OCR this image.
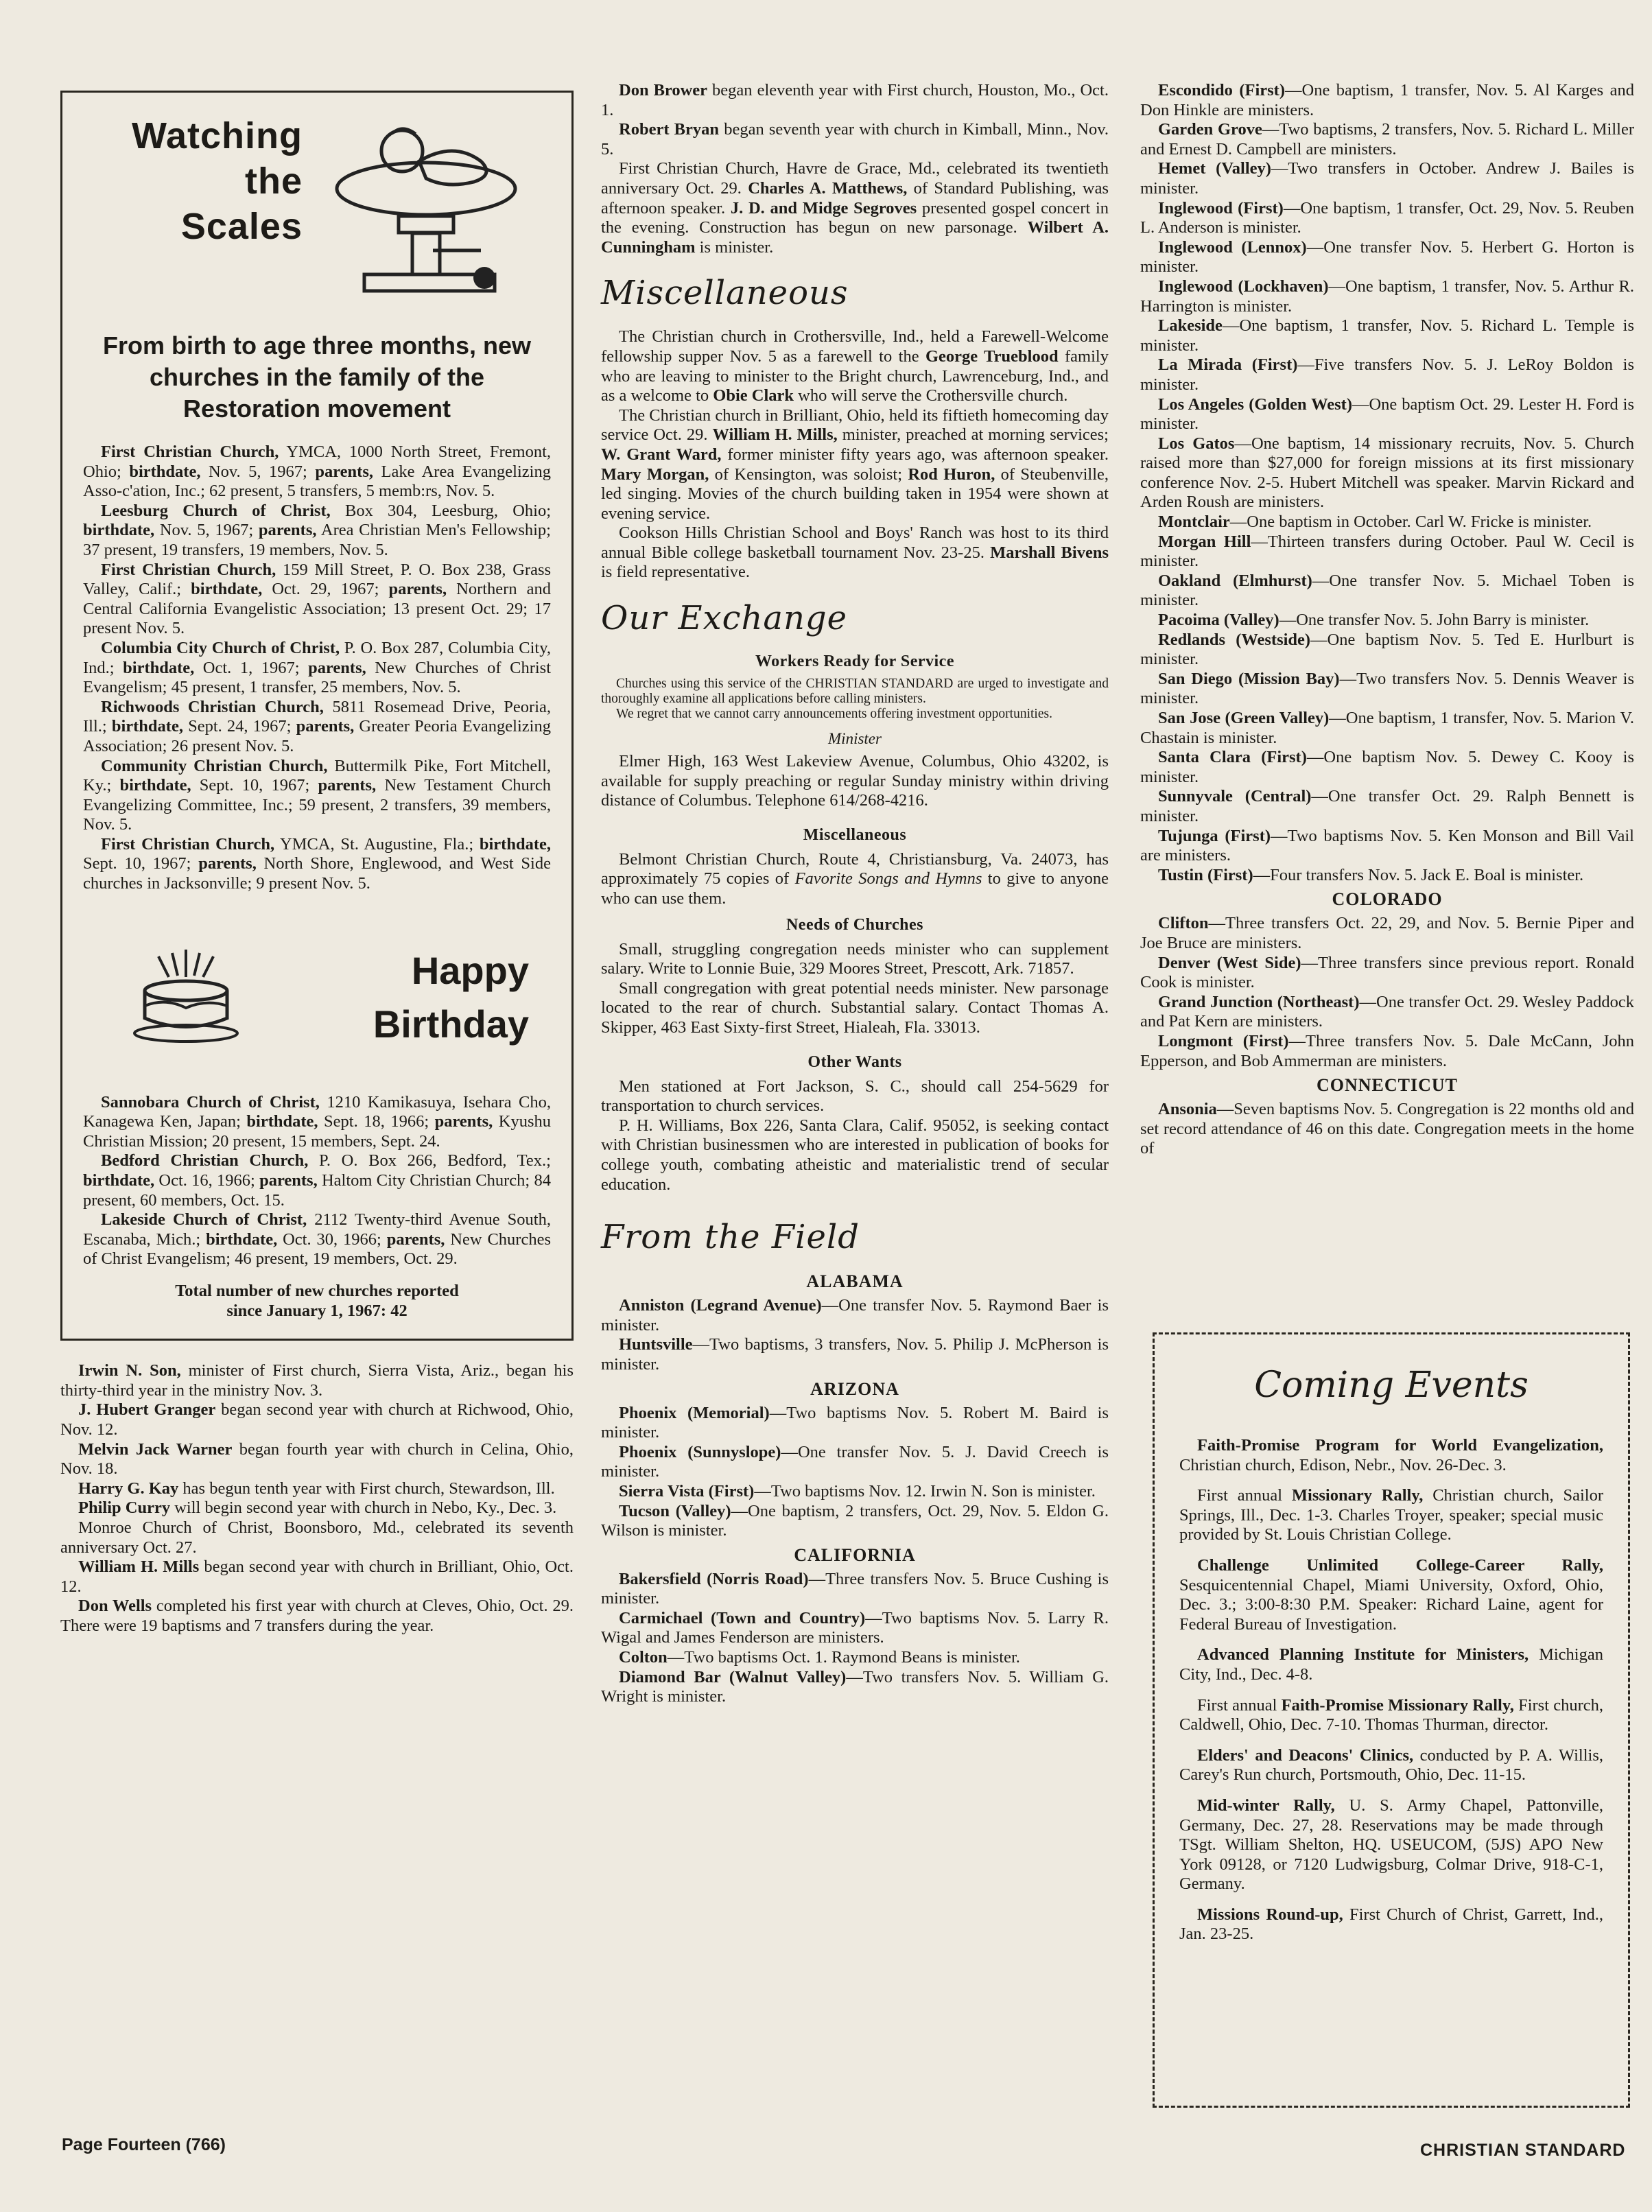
Watching
the
Scales
From birth to age three months, new churches in the family of the Restoration movement

First Christian Church, YMCA, 1000 North Street, Fremont, Ohio; birthdate, Nov. 5, 1967; parents, Lake Area Evangelizing Asso-c'ation, Inc.; 62 present, 5 transfers, 5 memb:rs, Nov. 5.

Leesburg Church of Christ, Box 304, Leesburg, Ohio; birthdate, Nov. 5, 1967; parents, Area Christian Men's Fellowship; 37 present, 19 transfers, 19 members, Nov. 5.

First Christian Church, 159 Mill Street, P. O. Box 238, Grass Valley, Calif.; birthdate, Oct. 29, 1967; parents, Northern and Central California Evangelistic Association; 13 present Oct. 29; 17 present Nov. 5.

Columbia City Church of Christ, P. O. Box 287, Columbia City, Ind.; birthdate, Oct. 1, 1967; parents, New Churches of Christ Evangelism; 45 present, 1 transfer, 25 members, Nov. 5.

Richwoods Christian Church, 5811 Rosemead Drive, Peoria, Ill.; birthdate, Sept. 24, 1967; parents, Greater Peoria Evangelizing Association; 26 present Nov. 5.

Community Christian Church, Buttermilk Pike, Fort Mitchell, Ky.; birthdate, Sept. 10, 1967; parents, New Testament Church Evangelizing Committee, Inc.; 59 present, 2 transfers, 39 members, Nov. 5.

First Christian Church, YMCA, St. Augustine, Fla.; birthdate, Sept. 10, 1967; parents, North Shore, Englewood, and West Side churches in Jacksonville; 9 present Nov. 5.

Happy
Birthday

Sannobara Church of Christ, 1210 Kamikasuya, Isehara Cho, Kanagewa Ken, Japan; birthdate, Sept. 18, 1966; parents, Kyushu Christian Mission; 20 present, 15 members, Sept. 24.

Bedford Christian Church, P. O. Box 266, Bedford, Tex.; birthdate, Oct. 16, 1966; parents, Haltom City Christian Church; 84 present, 60 members, Oct. 15.

Lakeside Church of Christ, 2112 Twenty-third Avenue South, Escanaba, Mich.; birthdate, Oct. 30, 1966; parents, New Churches of Christ Evangelism; 46 present, 19 members, Oct. 29.

Total number of new churches reported
since January 1, 1967: 42

Irwin N. Son, minister of First church, Sierra Vista, Ariz., began his thirty-third year in the ministry Nov. 3.

J. Hubert Granger began second year with church at Richwood, Ohio, Nov. 12.

Melvin Jack Warner began fourth year with church in Celina, Ohio, Nov. 18.

Harry G. Kay has begun tenth year with First church, Stewardson, Ill.

Philip Curry will begin second year with church in Nebo, Ky., Dec. 3.

Monroe Church of Christ, Boonsboro, Md., celebrated its seventh anniversary Oct. 27.

William H. Mills began second year with church in Brilliant, Ohio, Oct. 12.

Don Wells completed his first year with church at Cleves, Ohio, Oct. 29. There were 19 baptisms and 7 transfers during the year.

Don Brower began eleventh year with First church, Houston, Mo., Oct. 1.

Robert Bryan began seventh year with church in Kimball, Minn., Nov. 5.

First Christian Church, Havre de Grace, Md., celebrated its twentieth anniversary Oct. 29. Charles A. Matthews, of Standard Publishing, was afternoon speaker. J. D. and Midge Segroves presented gospel concert in the evening. Construction has begun on new parsonage. Wilbert A. Cunningham is minister.

Miscellaneous

The Christian church in Crothersville, Ind., held a Farewell-Welcome fellowship supper Nov. 5 as a farewell to the George Trueblood family who are leaving to minister to the Bright church, Lawrenceburg, Ind., and as a welcome to Obie Clark who will serve the Crothersville church.

The Christian church in Brilliant, Ohio, held its fiftieth homecoming day service Oct. 29. William H. Mills, minister, preached at morning services; W. Grant Ward, former minister fifty years ago, was afternoon speaker. Mary Morgan, of Kensington, was soloist; Rod Huron, of Steubenville, led singing. Movies of the church building taken in 1954 were shown at evening service.

Cookson Hills Christian School and Boys' Ranch was host to its third annual Bible college basketball tournament Nov. 23-25. Marshall Bivens is field representative.

Our Exchange
Workers Ready for Service

Churches using this service of the CHRISTIAN STANDARD are urged to investigate and thoroughly examine all applications before calling ministers.

We regret that we cannot carry announcements offering investment opportunities.

Minister

Elmer High, 163 West Lakeview Avenue, Columbus, Ohio 43202, is available for supply preaching or regular Sunday ministry within driving distance of Columbus. Telephone 614/268-4216.

Miscellaneous

Belmont Christian Church, Route 4, Christiansburg, Va. 24073, has approximately 75 copies of Favorite Songs and Hymns to give to anyone who can use them.

Needs of Churches

Small, struggling congregation needs minister who can supplement salary. Write to Lonnie Buie, 329 Moores Street, Prescott, Ark. 71857.

Small congregation with great potential needs minister. New parsonage located to the rear of church. Substantial salary. Contact Thomas A. Skipper, 463 East Sixty-first Street, Hialeah, Fla. 33013.

Other Wants

Men stationed at Fort Jackson, S. C., should call 254-5629 for transportation to church services.

P. H. Williams, Box 226, Santa Clara, Calif. 95052, is seeking contact with Christian businessmen who are interested in publication of books for college youth, combating atheistic and materialistic trend of secular education.

From the Field
ALABAMA

Anniston (Legrand Avenue)—One transfer Nov. 5. Raymond Baer is minister.

Huntsville—Two baptisms, 3 transfers, Nov. 5. Philip J. McPherson is minister.

ARIZONA

Phoenix (Memorial)—Two baptisms Nov. 5. Robert M. Baird is minister.

Phoenix (Sunnyslope)—One transfer Nov. 5. J. David Creech is minister.

Sierra Vista (First)—Two baptisms Nov. 12. Irwin N. Son is minister.

Tucson (Valley)—One baptism, 2 transfers, Oct. 29, Nov. 5. Eldon G. Wilson is minister.

CALIFORNIA

Bakersfield (Norris Road)—Three transfers Nov. 5. Bruce Cushing is minister.

Carmichael (Town and Country)—Two baptisms Nov. 5. Larry R. Wigal and James Fenderson are ministers.

Colton—Two baptisms Oct. 1. Raymond Beans is minister.

Diamond Bar (Walnut Valley)—Two transfers Nov. 5. William G. Wright is minister.

Escondido (First)—One baptism, 1 transfer, Nov. 5. Al Karges and Don Hinkle are ministers.

Garden Grove—Two baptisms, 2 transfers, Nov. 5. Richard L. Miller and Ernest D. Campbell are ministers.

Hemet (Valley)—Two transfers in October. Andrew J. Bailes is minister.

Inglewood (First)—One baptism, 1 transfer, Oct. 29, Nov. 5. Reuben L. Anderson is minister.

Inglewood (Lennox)—One transfer Nov. 5. Herbert G. Horton is minister.

Inglewood (Lockhaven)—One baptism, 1 transfer, Nov. 5. Arthur R. Harrington is minister.

Lakeside—One baptism, 1 transfer, Nov. 5. Richard L. Temple is minister.

La Mirada (First)—Five transfers Nov. 5. J. LeRoy Boldon is minister.

Los Angeles (Golden West)—One baptism Oct. 29. Lester H. Ford is minister.

Los Gatos—One baptism, 14 missionary recruits, Nov. 5. Church raised more than $27,000 for foreign missions at its first missionary conference Nov. 2-5. Hubert Mitchell was speaker. Marvin Rickard and Arden Roush are ministers.

Montclair—One baptism in October. Carl W. Fricke is minister.

Morgan Hill—Thirteen transfers during October. Paul W. Cecil is minister.

Oakland (Elmhurst)—One transfer Nov. 5. Michael Toben is minister.

Pacoima (Valley)—One transfer Nov. 5. John Barry is minister.

Redlands (Westside)—One baptism Nov. 5. Ted E. Hurlburt is minister.

San Diego (Mission Bay)—Two transfers Nov. 5. Dennis Weaver is minister.

San Jose (Green Valley)—One baptism, 1 transfer, Nov. 5. Marion V. Chastain is minister.

Santa Clara (First)—One baptism Nov. 5. Dewey C. Kooy is minister.

Sunnyvale (Central)—One transfer Oct. 29. Ralph Bennett is minister.

Tujunga (First)—Two baptisms Nov. 5. Ken Monson and Bill Vail are ministers.

Tustin (First)—Four transfers Nov. 5. Jack E. Boal is minister.

COLORADO

Clifton—Three transfers Oct. 22, 29, and Nov. 5. Bernie Piper and Joe Bruce are ministers.

Denver (West Side)—Three transfers since previous report. Ronald Cook is minister.

Grand Junction (Northeast)—One transfer Oct. 29. Wesley Paddock and Pat Kern are ministers.

Longmont (First)—Three transfers Nov. 5. Dale McCann, John Epperson, and Bob Ammerman are ministers.

CONNECTICUT

Ansonia—Seven baptisms Nov. 5. Congregation is 22 months old and set record attendance of 46 on this date. Congregation meets in the home of

Coming Events

Faith-Promise Program for World Evangelization, Christian church, Edison, Nebr., Nov. 26-Dec. 3.

First annual Missionary Rally, Christian church, Sailor Springs, Ill., Dec. 1-3. Charles Troyer, speaker; special music provided by St. Louis Christian College.

Challenge Unlimited College-Career Rally, Sesquicentennial Chapel, Miami University, Oxford, Ohio, Dec. 3.; 3:00-8:30 P.M. Speaker: Richard Laine, agent for Federal Bureau of Investigation.

Advanced Planning Institute for Ministers, Michigan City, Ind., Dec. 4-8.

First annual Faith-Promise Missionary Rally, First church, Caldwell, Ohio, Dec. 7-10. Thomas Thurman, director.

Elders' and Deacons' Clinics, conducted by P. A. Willis, Carey's Run church, Portsmouth, Ohio, Dec. 11-15.

Mid-winter Rally, U. S. Army Chapel, Pattonville, Germany, Dec. 27, 28. Reservations may be made through TSgt. William Shelton, HQ. USEUCOM, (5JS) APO New York 09128, or 7120 Ludwigsburg, Colmar Drive, 918-C-1, Germany.

Missions Round-up, First Church of Christ, Garrett, Ind., Jan. 23-25.

Page Fourteen (766)	CHRISTIAN STANDARD
